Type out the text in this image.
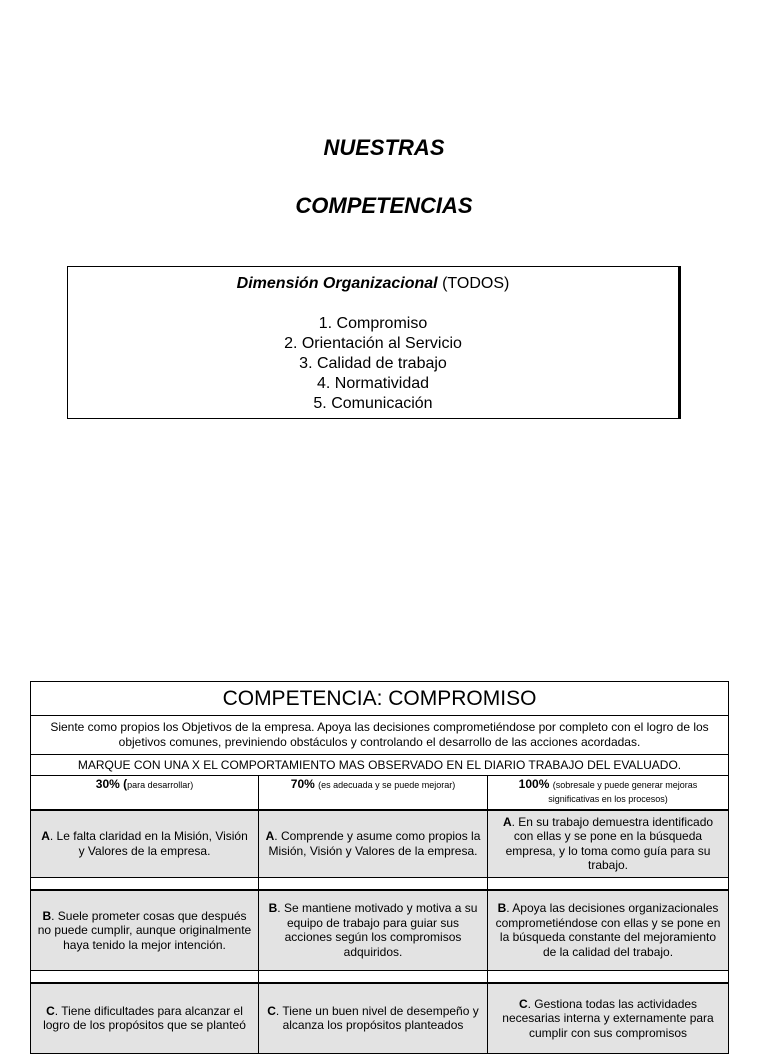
NUESTRAS
COMPETENCIAS
Dimensión Organizacional (TODOS)
1. Compromiso
2. Orientación al Servicio
3. Calidad de trabajo
4. Normatividad
5. Comunicación
COMPETENCIA: COMPROMISO		
Siente como propios los Objetivos de la empresa. Apoya las decisiones comprometiéndose por completo con el logro de los objetivos comunes, previniendo obstáculos y controlando el desarrollo de las acciones acordadas.		
MARQUE CON UNA X EL COMPORTAMIENTO MAS OBSERVADO EN EL DIARIO TRABAJO DEL EVALUADO.		
30% (para desarrollar)	70% (es adecuada y se puede mejorar)	100% (sobresale y puede generar mejoras significativas en los procesos)
A. Le falta claridad en la Misión, Visión y Valores de la empresa.	A. Comprende y asume como propios la Misión, Visión y Valores de la empresa.	A. En su trabajo demuestra identificado con ellas y se pone en la búsqueda empresa, y lo toma como guía para su trabajo.

B. Suele prometer cosas que después no puede cumplir, aunque originalmente haya tenido la mejor intención.	B. Se mantiene motivado y motiva a su equipo de trabajo para guiar sus acciones según los compromisos adquiridos.	B. Apoya las decisiones organizacionales comprometiéndose con ellas y se pone en la búsqueda constante del mejoramiento de la calidad del trabajo.

C. Tiene dificultades para alcanzar el logro de los propósitos que se planteó	C. Tiene un buen nivel de desempeño y alcanza los propósitos planteados	C. Gestiona todas las actividades necesarias interna y externamente para cumplir con sus compromisos
